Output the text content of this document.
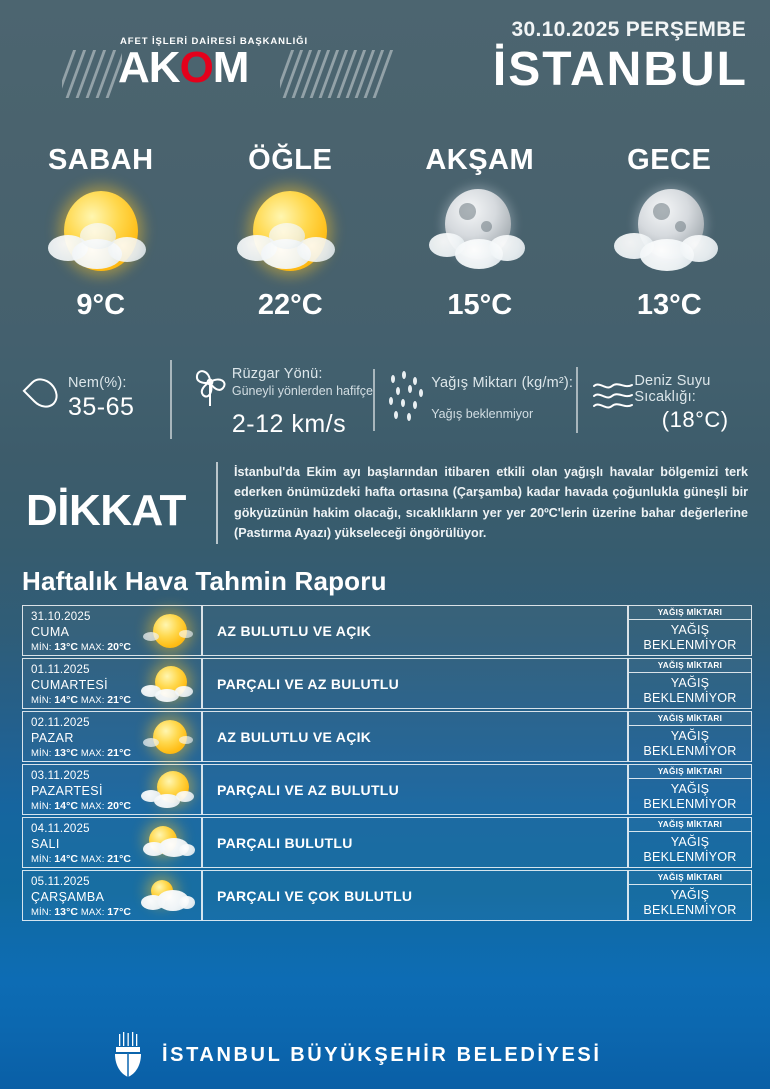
AFET İŞLERİ DAİRESİ BAŞKANLIĞI
AKOM
30.10.2025 PERŞEMBE
İSTANBUL
SABAH
9°C
ÖĞLE
22°C
AKŞAM
15°C
GECE
13°C
Nem(%):
35-65
Rüzgar Yönü:
Güneyli yönlerden hafifçe
2-12 km/s
Yağış Miktarı (kg/m²):
Yağış beklenmiyor
Deniz Suyu Sıcaklığı:
(18°C)
DİKKAT
İstanbul'da Ekim ayı başlarından itibaren etkili olan yağışlı havalar bölgemizi terk ederken önümüzdeki hafta ortasına (Çarşamba) kadar havada çoğunlukla güneşli bir gökyüzünün hakim olacağı, sıcaklıkların yer yer 20ºC'lerin üzerine bahar değerlerine (Pastırma Ayazı) yükseleceği öngörülüyor.
Haftalık Hava Tahmin Raporu
31.10.2025
CUMA
MİN: 13°C MAX: 20°C
AZ BULUTLU VE AÇIK
YAĞIŞ MİKTARI
YAĞIŞ
BEKLENMİYOR
01.11.2025
CUMARTESİ
MİN: 14°C MAX: 21°C
PARÇALI VE AZ BULUTLU
YAĞIŞ MİKTARI
YAĞIŞ
BEKLENMİYOR
02.11.2025
PAZAR
MİN: 13°C MAX: 21°C
AZ BULUTLU VE AÇIK
YAĞIŞ MİKTARI
YAĞIŞ
BEKLENMİYOR
03.11.2025
PAZARTESİ
MİN: 14°C MAX: 20°C
PARÇALI VE AZ BULUTLU
YAĞIŞ MİKTARI
YAĞIŞ
BEKLENMİYOR
04.11.2025
SALI
MİN: 14°C MAX: 21°C
PARÇALI BULUTLU
YAĞIŞ MİKTARI
YAĞIŞ
BEKLENMİYOR
05.11.2025
ÇARŞAMBA
MİN: 13°C MAX: 17°C
PARÇALI VE ÇOK BULUTLU
YAĞIŞ MİKTARI
YAĞIŞ
BEKLENMİYOR
İSTANBUL BÜYÜKŞEHİR BELEDİYESİ
